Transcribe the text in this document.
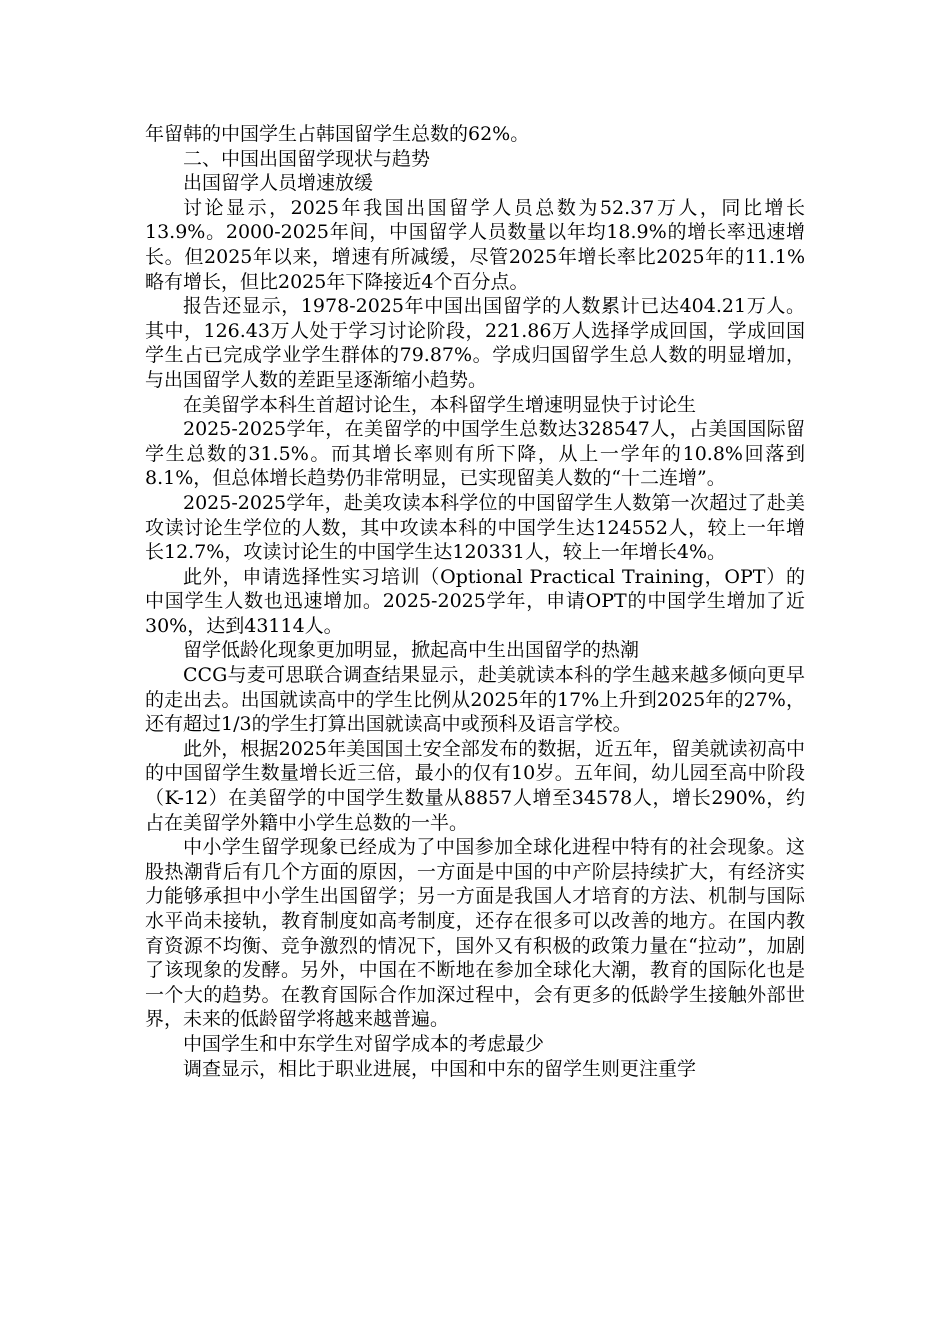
年留韩的中国学生占韩国留学生总数的62%。

二、中国出国留学现状与趋势

出国留学人员增速放缓

讨论显示，2025年我国出国留学人员总数为52.37万人，同比增长13.9%。2000-2025年间，中国留学人员数量以年均18.9%的增长率迅速增长。但2025年以来，增速有所减缓，尽管2025年增长率比2025年的11.1%略有增长，但比2025年下降接近4个百分点。

报告还显示，1978-2025年中国出国留学的人数累计已达404.21万人。其中，126.43万人处于学习讨论阶段，221.86万人选择学成回国，学成回国学生占已完成学业学生群体的79.87%。学成归国留学生总人数的明显增加，与出国留学人数的差距呈逐渐缩小趋势。

在美留学本科生首超讨论生，本科留学生增速明显快于讨论生

2025-2025学年，在美留学的中国学生总数达328547人，占美国国际留学生总数的31.5%。而其增长率则有所下降，从上一学年的10.8%回落到8.1%，但总体增长趋势仍非常明显，已实现留美人数的“十二连增”。

2025-2025学年，赴美攻读本科学位的中国留学生人数第一次超过了赴美攻读讨论生学位的人数，其中攻读本科的中国学生达124552人，较上一年增长12.7%，攻读讨论生的中国学生达120331人，较上一年增长4%。

此外，申请选择性实习培训（Optional Practical Training，OPT）的中国学生人数也迅速增加。2025-2025学年，申请OPT的中国学生增加了近30%，达到43114人。

留学低龄化现象更加明显，掀起高中生出国留学的热潮

CCG与麦可思联合调查结果显示，赴美就读本科的学生越来越多倾向更早的走出去。出国就读高中的学生比例从2025年的17%上升到2025年的27%，还有超过1/3的学生打算出国就读高中或预科及语言学校。

此外，根据2025年美国国土安全部发布的数据，近五年，留美就读初高中的中国留学生数量增长近三倍，最小的仅有10岁。五年间，幼儿园至高中阶段（K-12）在美留学的中国学生数量从8857人增至34578人，增长290%，约占在美留学外籍中小学生总数的一半。

中小学生留学现象已经成为了中国参加全球化进程中特有的社会现象。这股热潮背后有几个方面的原因，一方面是中国的中产阶层持续扩大，有经济实力能够承担中小学生出国留学；另一方面是我国人才培育的方法、机制与国际水平尚未接轨，教育制度如高考制度，还存在很多可以改善的地方。在国内教育资源不均衡、竞争激烈的情况下，国外又有积极的政策力量在“拉动”，加剧了该现象的发酵。另外，中国在不断地在参加全球化大潮，教育的国际化也是一个大的趋势。在教育国际合作加深过程中，会有更多的低龄学生接触外部世界，未来的低龄留学将越来越普遍。

中国学生和中东学生对留学成本的考虑最少

调查显示，相比于职业进展，中国和中东的留学生则更注重学
